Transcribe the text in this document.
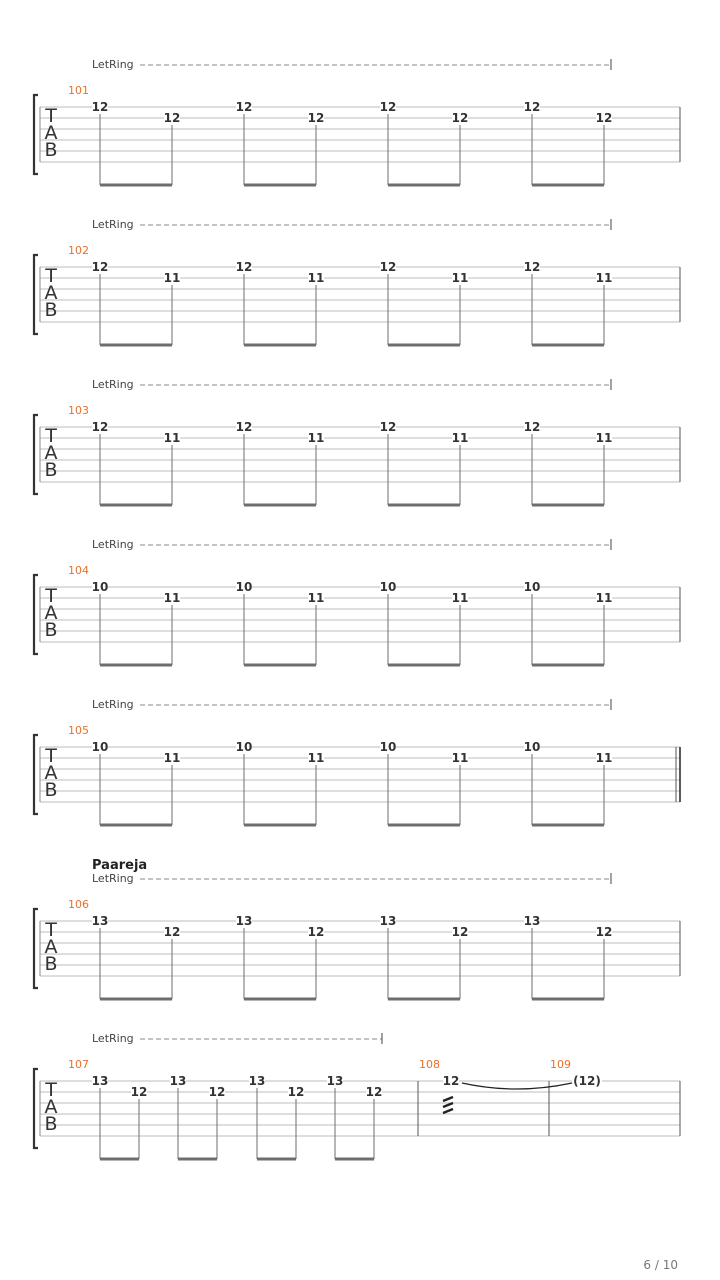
LetRing
T
A
B
101
12
12
12
12
12
12
12
12
LetRing
T
A
B
102
12
11
12
11
12
11
12
11
LetRing
T
A
B
103
12
11
12
11
12
11
12
11
LetRing
T
A
B
104
10
11
10
11
10
11
10
11
LetRing
T
A
B
105
10
11
10
11
10
11
10
11
Paareja
LetRing
T
A
B
106
13
12
13
12
13
12
13
12
LetRing
T
A
B
107	108	109
13
12
13
12
13
12
13
12
12	(12)
6 / 10
